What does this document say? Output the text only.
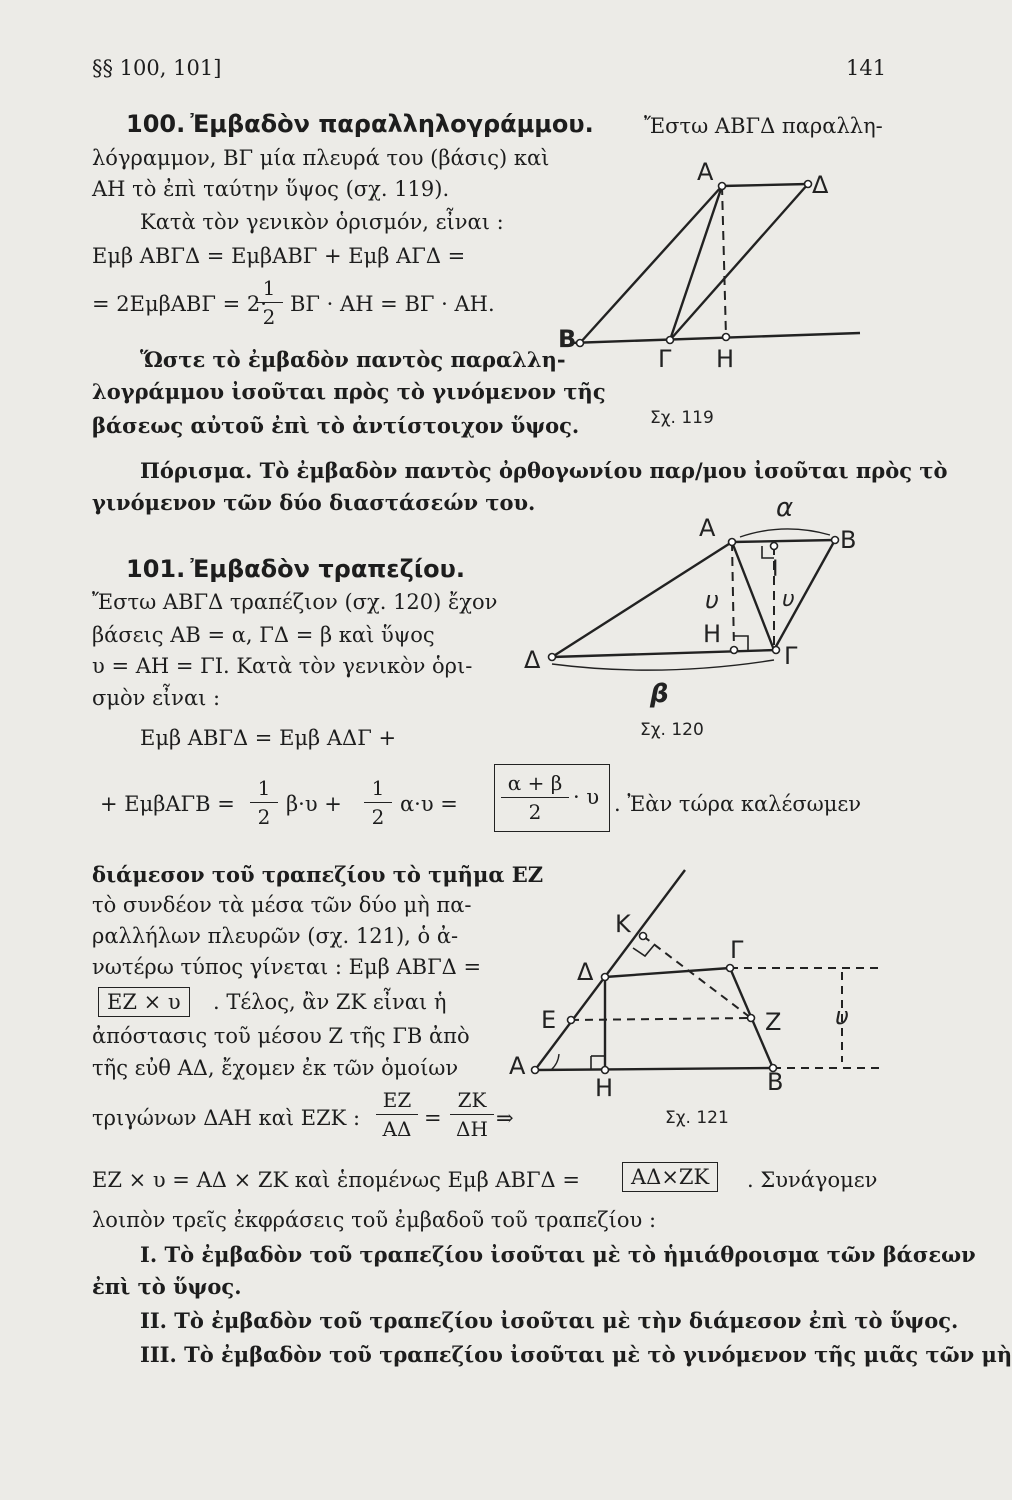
§§ 100, 101]	141
100. Ἐμβαδὸν παραλληλογράμμου. Ἔστω ΑΒΓΔ παραλλη-
λόγραμμον, ΒΓ μία πλευρά του (βάσις) καὶ
ΑΗ τὸ ἐπὶ ταύτην ὕψος (σχ. 119).
Κατὰ τὸν γενικὸν ὁρισμόν, εἶναι :
Εμβ ΑΒΓΔ = ΕμβΑΒΓ + Εμβ ΑΓΔ =
= 2ΕμβΑΒΓ = 2·
1
2
ΒΓ · ΑΗ = ΒΓ · ΑΗ.
Ὥστε τὸ ἐμβαδὸν παντὸς παραλλη-
λογράμμου ἰσοῦται πρὸς τὸ γινόμενον τῆς
βάσεως αὐτοῦ ἐπὶ τὸ ἀντίστοιχον ὕψος.
Πόρισμα. Τὸ ἐμβαδὸν παντὸς ὀρθογωνίου παρ/μου ἰσοῦται πρὸς τὸ
γινόμενον τῶν δύο διαστάσεών του.
Α	Δ
Β
Γ Η
Σχ. 119
101. Ἐμβαδὸν τραπεζίου.
Ἔστω ΑΒΓΔ τραπέζιον (σχ. 120) ἔχον
βάσεις ΑΒ = α, ΓΔ = β καὶ ὕψος
υ = ΑΗ = ΓΙ. Κατὰ τὸν γενικὸν ὁρι-
σμὸν εἶναι :
Εμβ ΑΒΓΔ = Εμβ ΑΔΓ +
+ ΕμβΑΓΒ =
1
2
β·υ +
1
2
α·υ =
α + β
2
· υ . Ἐὰν τώρα καλέσωμεν
διάμεσον τοῦ τραπεζίου τὸ τμῆμα ΕΖ
τὸ συνδέον τὰ μέσα τῶν δύο μὴ πα-
ραλλήλων πλευρῶν (σχ. 121), ὁ ἀ-
νωτέρω τύπος γίνεται : Εμβ ΑΒΓΔ =
ΕΖ × υ	. Τέλος, ἂν ΖΚ εἶναι ἡ
ἀπόστασις τοῦ μέσου Ζ τῆς ΓΒ ἀπὸ
τῆς εὐθ ΑΔ, ἔχομεν ἐκ τῶν ὁμοίων
τριγώνων ΔΑΗ καὶ ΕΖΚ :
ΕΖ
ΑΔ =
ΖΚ
ΔΗ ⇒
ΕΖ × υ = ΑΔ × ΖΚ καὶ ἑπομένως Εμβ ΑΒΓΔ =	ΑΔ×ΖΚ	. Συνάγομεν
λοιπὸν τρεῖς ἐκφράσεις τοῦ ἐμβαδοῦ τοῦ τραπεζίου :
Ι. Τὸ ἐμβαδὸν τοῦ τραπεζίου ἰσοῦται μὲ τὸ ἡμιάθροισμα τῶν βάσεων
ἐπὶ τὸ ὕψος.
ΙΙ. Τὸ ἐμβαδὸν τοῦ τραπεζίου ἰσοῦται μὲ τὴν διάμεσον ἐπὶ τὸ ὕψος.
ΙΙΙ. Τὸ ἐμβαδὸν τοῦ τραπεζίου ἰσοῦται μὲ τὸ γινόμενον τῆς μιᾶς τῶν μὴ
Α	Β
Δ	Γ
Η
Ι
υ	υ
α
β
Σχ. 120
Κ
Γ
Δ
Ε	Ζ υ
Α
Η	Β
Σχ. 121
